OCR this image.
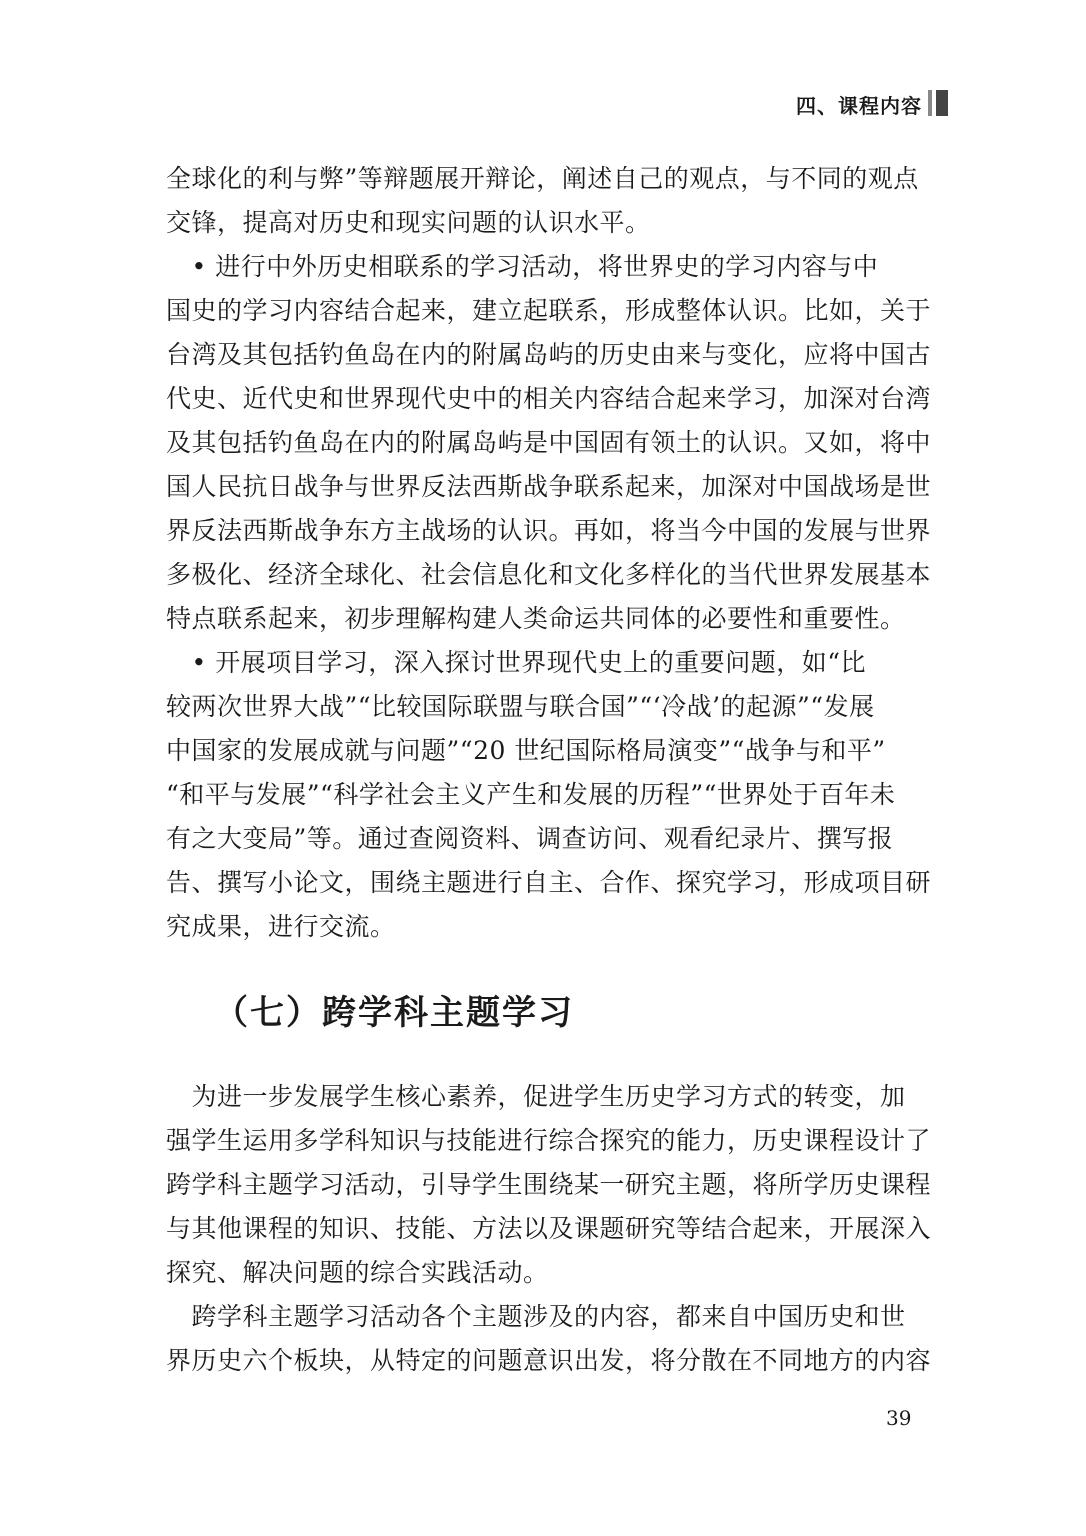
四、课程内容
全球化的利与弊”等辩题展开辩论，阐述自己的观点，与不同的观点
交锋，提高对历史和现实问题的认识水平。
　• 进行中外历史相联系的学习活动，将世界史的学习内容与中
国史的学习内容结合起来，建立起联系，形成整体认识。比如，关于
台湾及其包括钓鱼岛在内的附属岛屿的历史由来与变化，应将中国古
代史、近代史和世界现代史中的相关内容结合起来学习，加深对台湾
及其包括钓鱼岛在内的附属岛屿是中国固有领土的认识。又如，将中
国人民抗日战争与世界反法西斯战争联系起来，加深对中国战场是世
界反法西斯战争东方主战场的认识。再如，将当今中国的发展与世界
多极化、经济全球化、社会信息化和文化多样化的当代世界发展基本
特点联系起来，初步理解构建人类命运共同体的必要性和重要性。
　• 开展项目学习，深入探讨世界现代史上的重要问题，如“比
较两次世界大战”“比较国际联盟与联合国”“‘冷战’的起源”“发展
中国家的发展成就与问题”“20 世纪国际格局演变”“战争与和平”
“和平与发展”“科学社会主义产生和发展的历程”“世界处于百年未
有之大变局”等。通过查阅资料、调查访问、观看纪录片、撰写报
告、撰写小论文，围绕主题进行自主、合作、探究学习，形成项目研
究成果，进行交流。
（七）跨学科主题学习
　为进一步发展学生核心素养，促进学生历史学习方式的转变，加
强学生运用多学科知识与技能进行综合探究的能力，历史课程设计了
跨学科主题学习活动，引导学生围绕某一研究主题，将所学历史课程
与其他课程的知识、技能、方法以及课题研究等结合起来，开展深入
探究、解决问题的综合实践活动。
　跨学科主题学习活动各个主题涉及的内容，都来自中国历史和世
界历史六个板块，从特定的问题意识出发，将分散在不同地方的内容
39
